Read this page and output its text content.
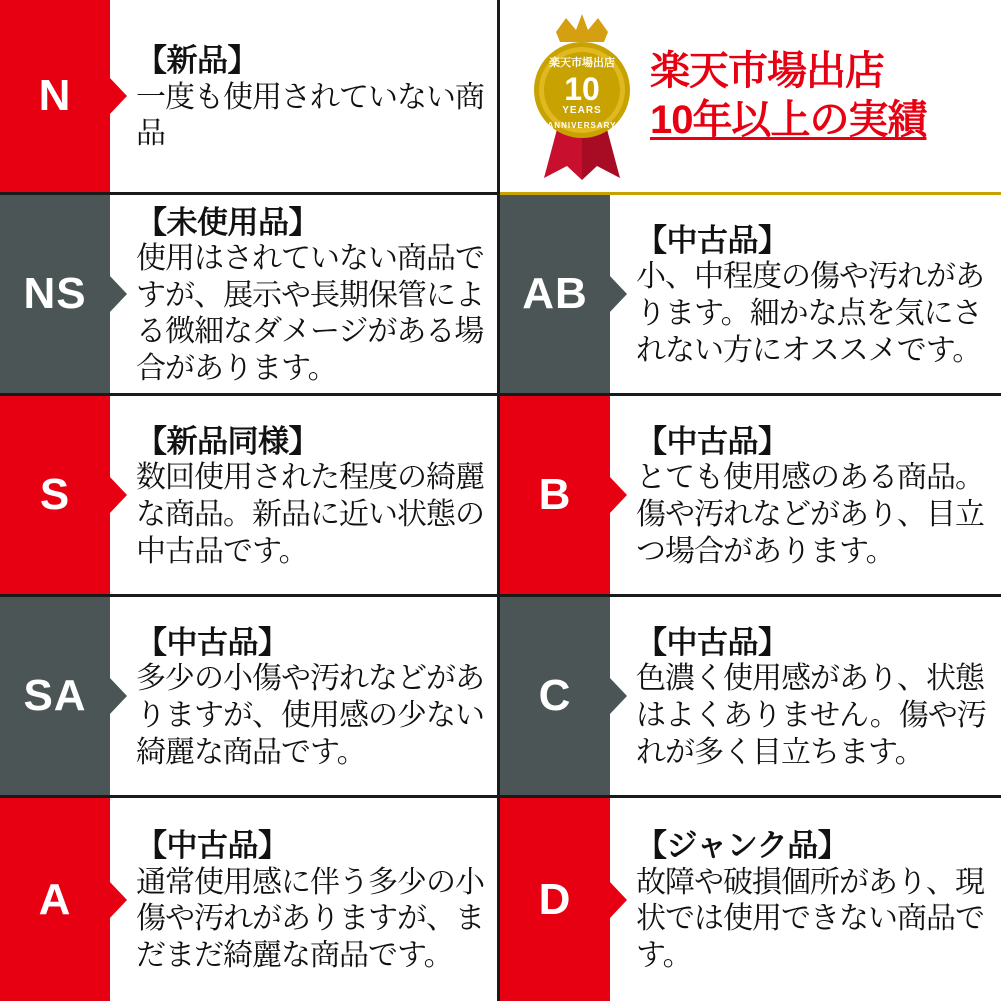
N
【新品】
一度も使用されていない商品
楽天市場出店
10
YEARS
ANNIVERSARY
楽天市場出店
10年以上の実績
NS
【未使用品】
使用はされていない商品ですが、展示や長期保管による微細なダメージがある場合があります。
AB
【中古品】
小、中程度の傷や汚れがあります。細かな点を気にされない方にオススメです。
S
【新品同様】
数回使用された程度の綺麗な商品。新品に近い状態の中古品です。
B
【中古品】
とても使用感のある商品。傷や汚れなどがあり、目立つ場合があります。
SA
【中古品】
多少の小傷や汚れなどがありますが、使用感の少ない綺麗な商品です。
C
【中古品】
色濃く使用感があり、状態はよくありません。傷や汚れが多く目立ちます。
A
【中古品】
通常使用感に伴う多少の小傷や汚れがありますが、まだまだ綺麗な商品です。
D
【ジャンク品】
故障や破損個所があり、現状では使用できない商品です。
